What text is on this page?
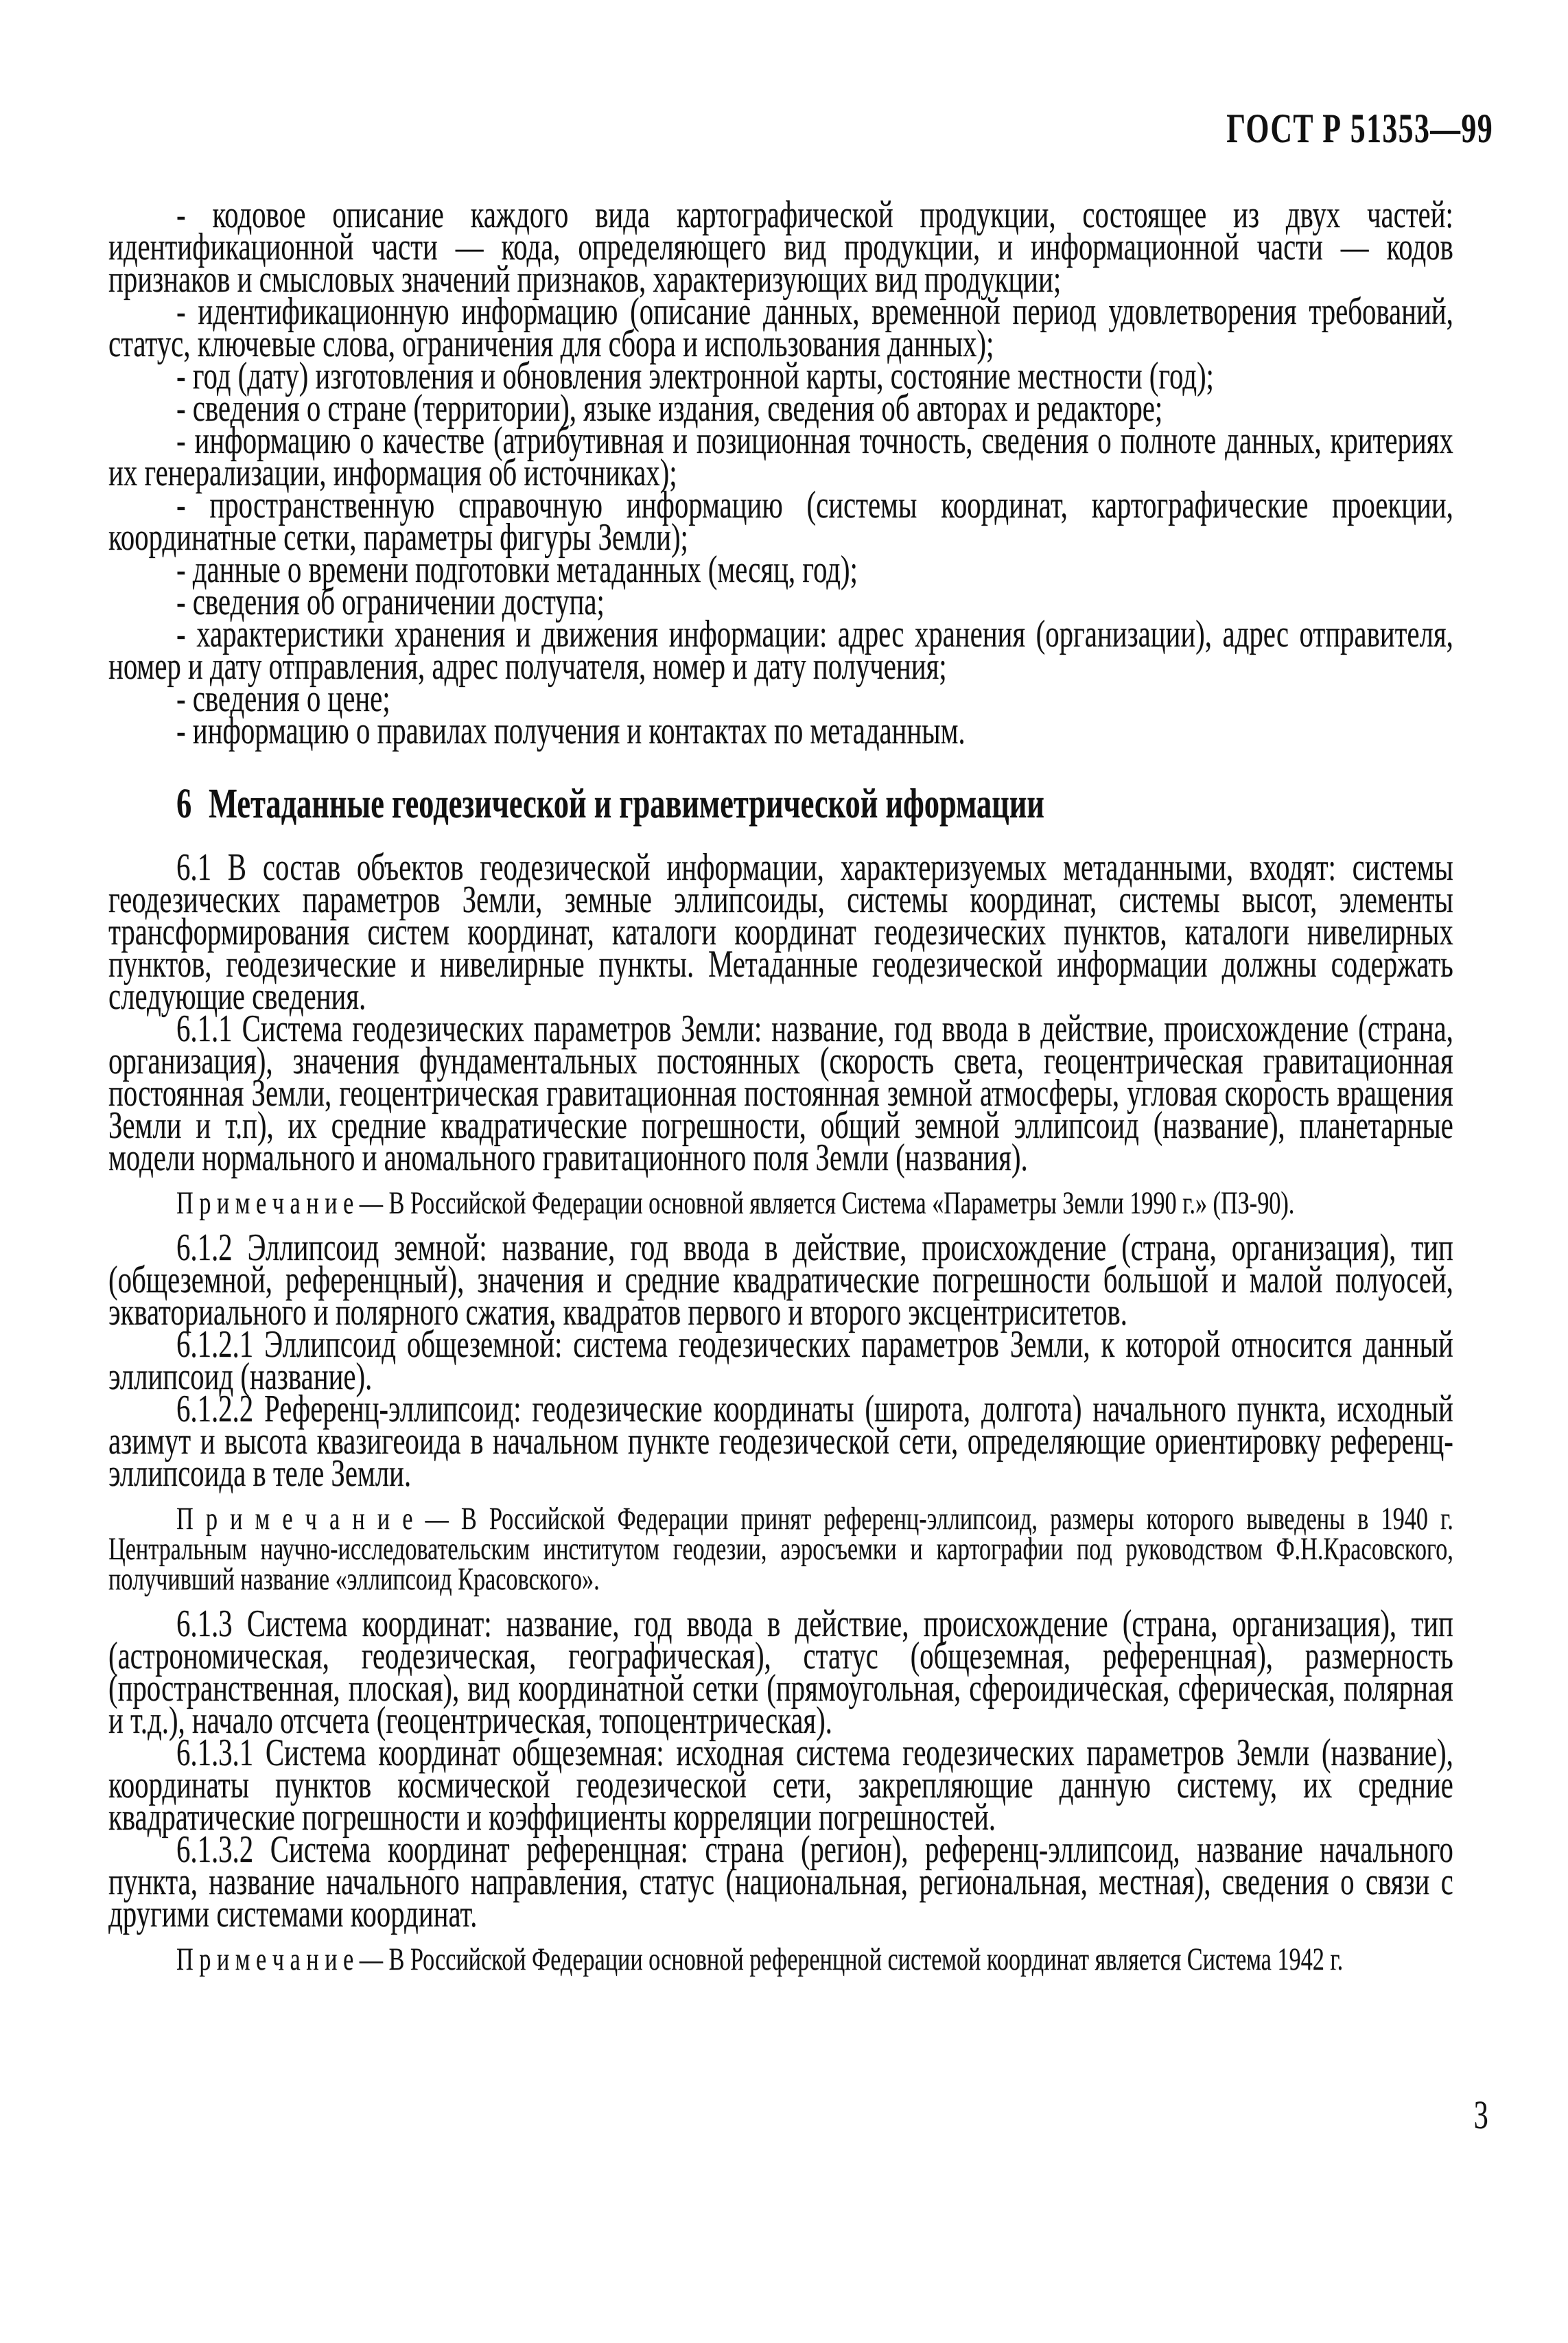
ГОСТ Р 51353—99

- кодовое описание каждого вида картографической продукции, состоящее из двух частей: идентификационной части — кода, определяющего вид продукции, и информационной части — кодов признаков и смысловых значений признаков, характеризующих вид продукции;

- идентификационную информацию (описание данных, временной период удовлетворения требований, статус, ключевые слова, ограничения для сбора и использования данных);

- год (дату) изготовления и обновления электронной карты, состояние местности (год);

- сведения о стране (территории), языке издания, сведения об авторах и редакторе;

- информацию о качестве (атрибутивная и позиционная точность, сведения о полноте данных, критериях их генерализации, информация об источниках);

- пространственную справочную информацию (системы координат, картографические проекции, координатные сетки, параметры фигуры Земли);

- данные о времени подготовки метаданных (месяц, год);

- сведения об ограничении доступа;

- характеристики хранения и движения информации: адрес хранения (организации), адрес отправителя, номер и дату отправления, адрес получателя, номер и дату получения;

- сведения о цене;

- информацию о правилах получения и контактах по метаданным.

6 Метаданные геодезической и гравиметрической иформации

6.1 В состав объектов геодезической информации, характеризуемых метаданными, входят: системы геодезических параметров Земли, земные эллипсоиды, системы координат, системы высот, элементы трансформирования систем координат, каталоги координат геодезических пунктов, каталоги нивелирных пунктов, геодезические и нивелирные пункты. Метаданные геодезической информации должны содержать следующие сведения.

6.1.1 Система геодезических параметров Земли: название, год ввода в действие, происхождение (страна, организация), значения фундаментальных постоянных (скорость света, геоцентрическая гравитационная постоянная Земли, геоцентрическая гравитационная постоянная земной атмосферы, угловая скорость вращения Земли и т.п), их средние квадратические погрешности, общий земной эллипсоид (название), планетарные модели нормального и аномального гравитационного поля Земли (названия).

П р и м е ч а н и е — В Российской Федерации основной является Система «Параметры Земли 1990 г.» (ПЗ-90).

6.1.2 Эллипсоид земной: название, год ввода в действие, происхождение (страна, организация), тип (общеземной, референцный), значения и средние квадратические погрешности большой и малой полуосей, экваториального и полярного сжатия, квадратов первого и второго эксцентриситетов.

6.1.2.1 Эллипсоид общеземной: система геодезических параметров Земли, к которой относится данный эллипсоид (название).

6.1.2.2 Референц-эллипсоид: геодезические координаты (широта, долгота) начального пункта, исходный азимут и высота квазигеоида в начальном пункте геодезической сети, определяющие ориентировку референц-эллипсоида в теле Земли.

П р и м е ч а н и е — В Российской Федерации принят референц-эллипсоид, размеры которого выведены в 1940 г. Центральным научно-исследовательским институтом геодезии, аэросъемки и картографии под руководством Ф.Н.Красовского, получивший название «эллипсоид Красовского».

6.1.3 Система координат: название, год ввода в действие, происхождение (страна, организация), тип (астрономическая, геодезическая, географическая), статус (общеземная, референцная), размерность (пространственная, плоская), вид координатной сетки (прямоугольная, сфероидическая, сферическая, полярная и т.д.), начало отсчета (геоцентрическая, топоцентрическая).

6.1.3.1 Система координат общеземная: исходная система геодезических параметров Земли (название), координаты пунктов космической геодезической сети, закрепляющие данную систему, их средние квадратические погрешности и коэффициенты корреляции погрешностей.

6.1.3.2 Система координат референцная: страна (регион), референц-эллипсоид, название начального пункта, название начального направления, статус (национальная, региональная, местная), сведения о связи с другими системами координат.

П р и м е ч а н и е — В Российской Федерации основной референцной системой координат является Система 1942 г.

3
